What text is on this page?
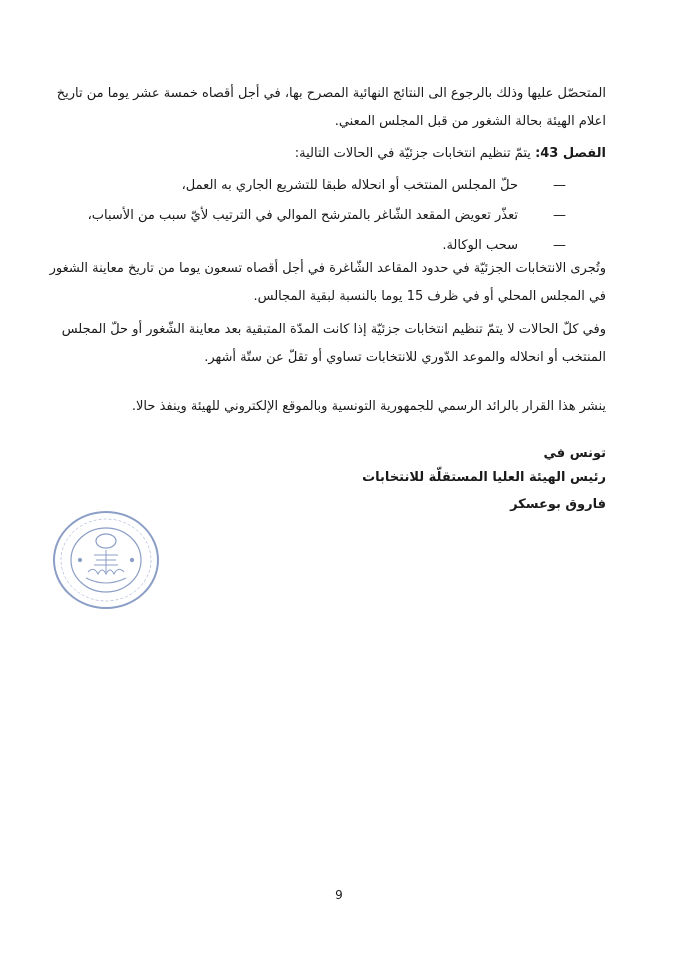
المتحصّل عليها وذلك بالرجوع الى النتائج النهائية المصرح بها، في أجل أقصاه خمسة عشر يوما من تاريخ
اعلام الهيئة بحالة الشغور من قبل المجلس المعني.

الفصل 43: يتمّ تنظيم انتخابات جزئيّة في الحالات التالية:

—
حلّ المجلس المنتخب أو انحلاله طبقا للتشريع الجاري به العمل،
—
تعذّر تعويض المقعد الشّاغر بالمترشح الموالي في الترتيب لأيّ سبب من الأسباب،
—
سحب الوكالة.

وتُجرى الانتخابات الجزئيّة في حدود المقاعد الشّاغرة في أجل أقصاه تسعون يوما من تاريخ معاينة الشغور
في المجلس المحلي أو في ظرف 15 يوما بالنسبة لبقية المجالس.

وفي كلّ الحالات لا يتمّ تنظيم انتخابات جزئيّة إذا كانت المدّة المتبقية بعد معاينة الشّغور أو حلّ المجلس
المنتخب أو انحلاله والموعد الدّوري للانتخابات تساوي أو تقلّ عن ستّة أشهر.

ينشر هذا القرار بالرائد الرسمي للجمهورية التونسية وبالموقع الإلكتروني للهيئة وينفذ حالا.

تونس في
رئيس الهيئة العليا المستقلّة للانتخابات
فاروق بوعسكر
9
